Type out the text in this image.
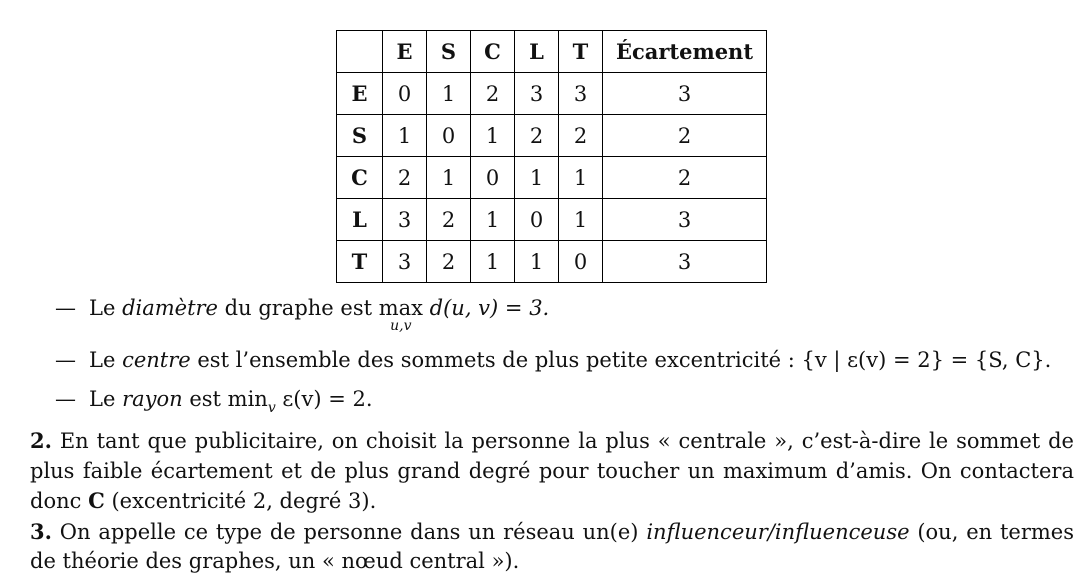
	E	S	C	L	T	Écartement
E	0	1	2	3	3	3
S	1	0	1	2	2	2
C	2	1	0	1	1	2
L	3	2	1	0	1	3
T	3	2	1	1	0	3
— Le diamètre du graphe est max
u,v
d(u, v) = 3.
— Le centre est l’ensemble des sommets de plus petite excentricité : {v | ε(v) = 2} = {S, C}.
— Le rayon est $\min_v \varepsilon(v) = 2$.

2. En tant que publicitaire, on choisit la personne la plus « centrale », c’est-à-dire le sommet de plus faible écartement et de plus grand degré pour toucher un maximum d’amis. On contactera donc C (excentricité 2, degré 3).

3. On appelle ce type de personne dans un réseau un(e) influenceur/influenceuse (ou, en termes de théorie des graphes, un « nœud central »).
